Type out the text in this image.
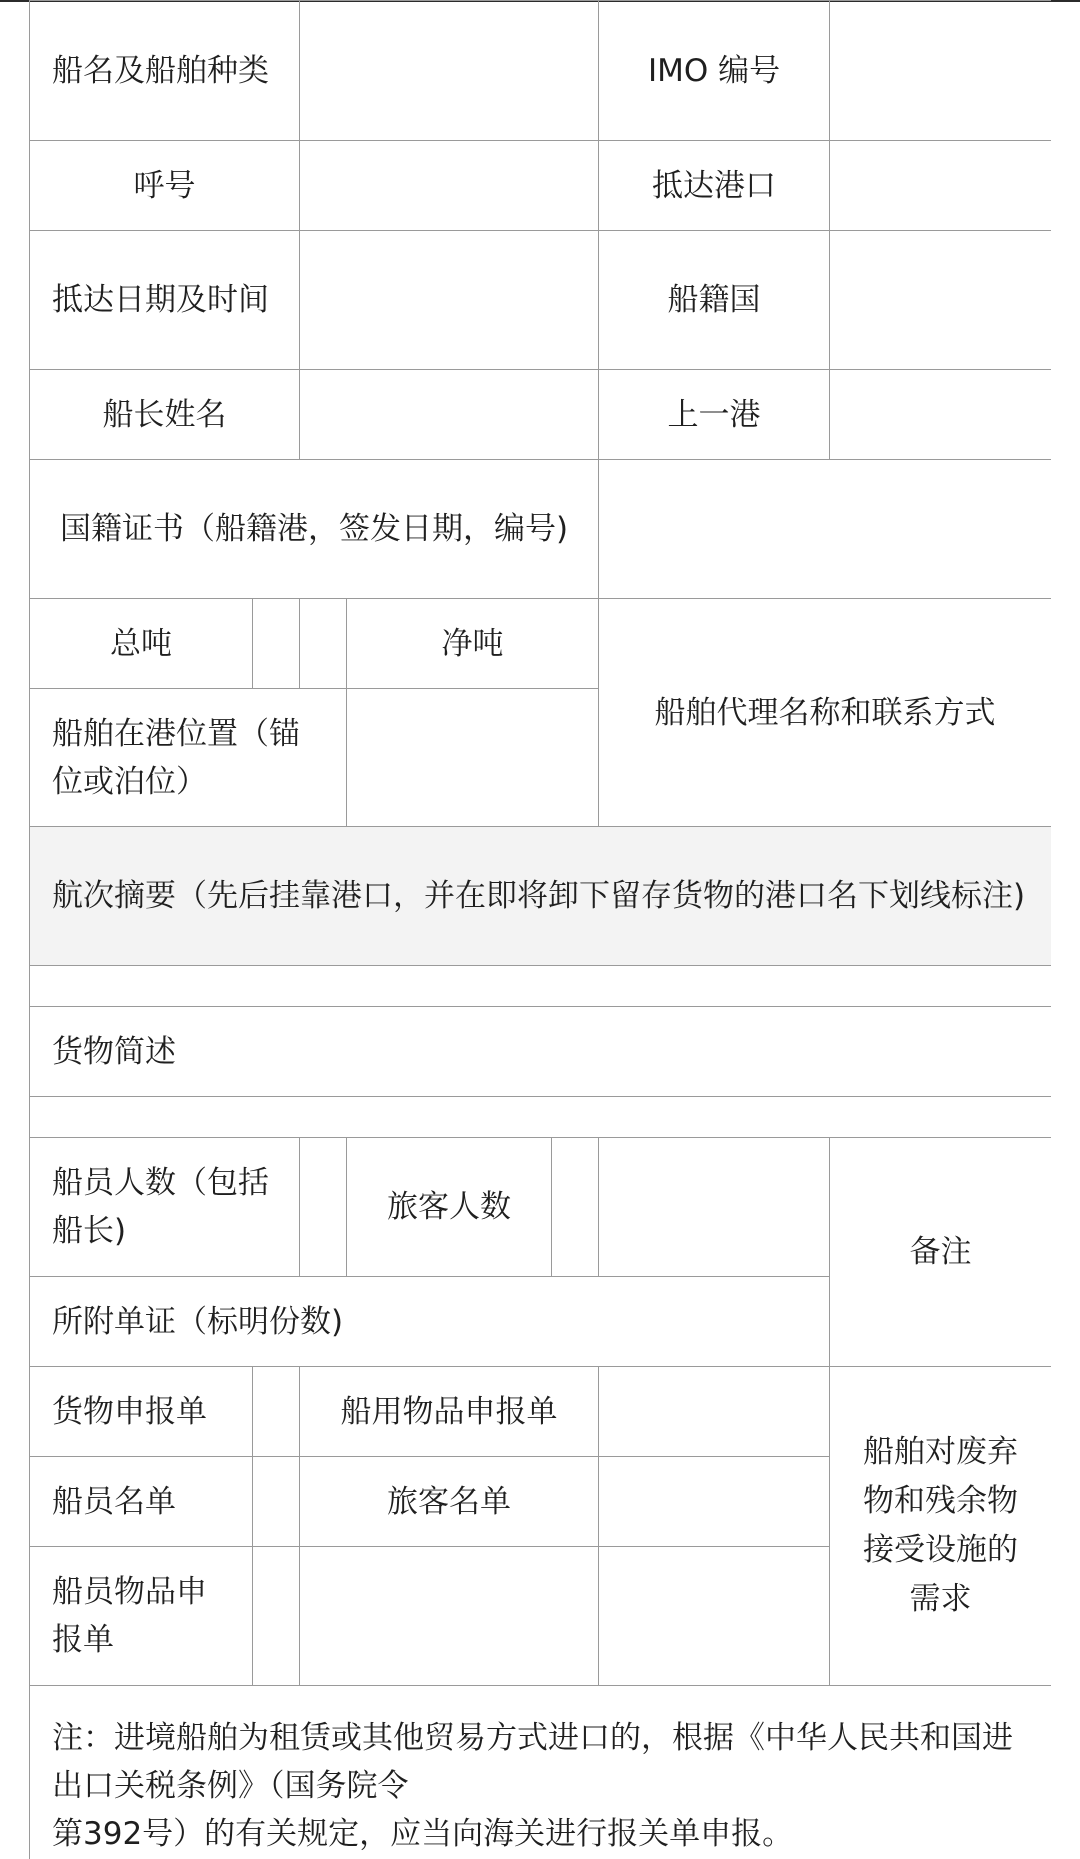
船名及船舶种类					IMO 编号	
呼号					抵达港口	
抵达日期及时间					船籍国	
船长姓名					上一港	
国籍证书（船籍港，签发日期，编号)						
总吨			净吨		船舶代理名称和联系方式	
船舶在港位置（锚位或泊位）						
航次摘要（先后挂靠港口，并在即将卸下留存货物的港口名下划线标注)						

货物简述						

船员人数（包括船长)			旅客人数			备注
所附单证（标明份数)						
货物申报单		船用物品申报单				船舶对废弃物和残余物接受设施的需求
船员名单		旅客名单				
船员物品申报单						

注：进境船舶为租赁或其他贸易方式进口的，根据《中华人民共和国进出口关税条例》（国务院令
第392号）的有关规定，应当向海关进行报关单申报。						
